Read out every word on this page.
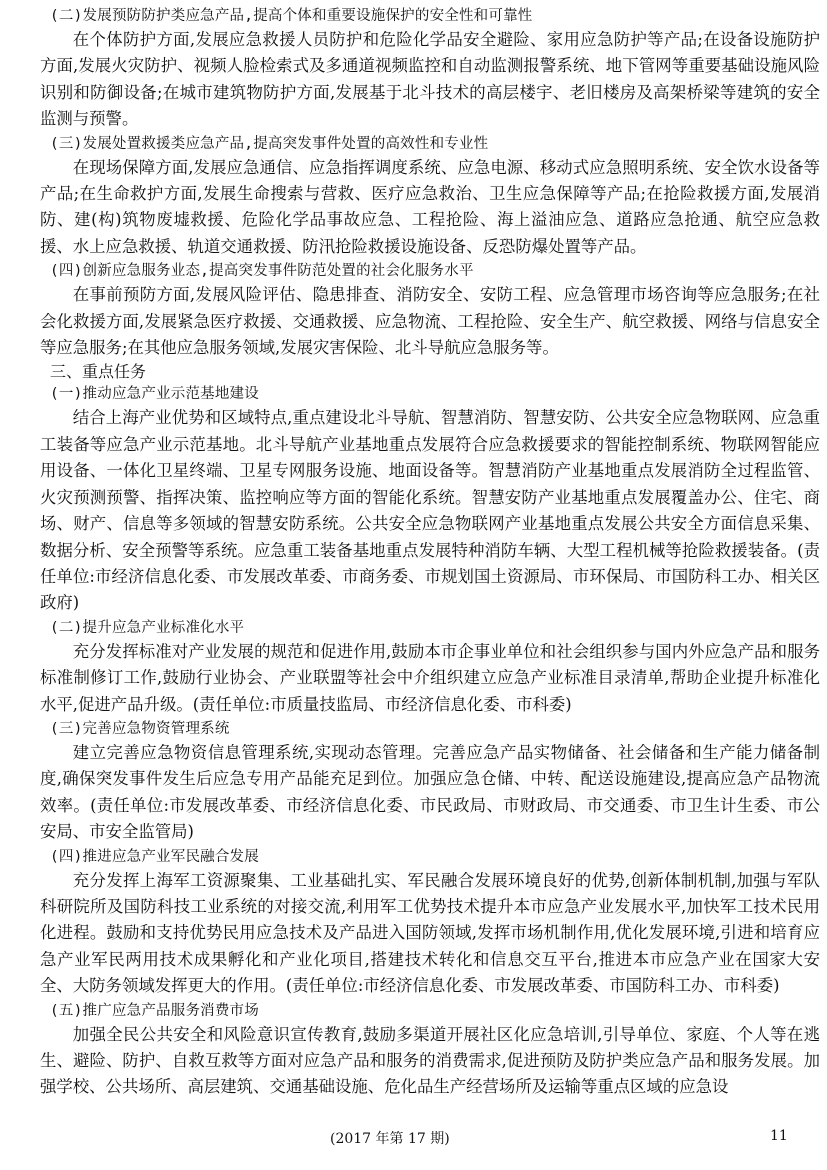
(二)发展预防防护类应急产品,提高个体和重要设施保护的安全性和可靠性

在个体防护方面,发展应急救援人员防护和危险化学品安全避险、家用应急防护等产品;在设备设施防护方面,发展火灾防护、视频人脸检索式及多通道视频监控和自动监测报警系统、地下管网等重要基础设施风险识别和防御设备;在城市建筑物防护方面,发展基于北斗技术的高层楼宇、老旧楼房及高架桥梁等建筑的安全监测与预警。

(三)发展处置救援类应急产品,提高突发事件处置的高效性和专业性

在现场保障方面,发展应急通信、应急指挥调度系统、应急电源、移动式应急照明系统、安全饮水设备等产品;在生命救护方面,发展生命搜索与营救、医疗应急救治、卫生应急保障等产品;在抢险救援方面,发展消防、建(构)筑物废墟救援、危险化学品事故应急、工程抢险、海上溢油应急、道路应急抢通、航空应急救援、水上应急救援、轨道交通救援、防汛抢险救援设施设备、反恐防爆处置等产品。

(四)创新应急服务业态,提高突发事件防范处置的社会化服务水平

在事前预防方面,发展风险评估、隐患排查、消防安全、安防工程、应急管理市场咨询等应急服务;在社会化救援方面,发展紧急医疗救援、交通救援、应急物流、工程抢险、安全生产、航空救援、网络与信息安全等应急服务;在其他应急服务领域,发展灾害保险、北斗导航应急服务等。

三、重点任务
(一)推动应急产业示范基地建设

结合上海产业优势和区域特点,重点建设北斗导航、智慧消防、智慧安防、公共安全应急物联网、应急重工装备等应急产业示范基地。北斗导航产业基地重点发展符合应急救援要求的智能控制系统、物联网智能应用设备、一体化卫星终端、卫星专网服务设施、地面设备等。智慧消防产业基地重点发展消防全过程监管、火灾预测预警、指挥决策、监控响应等方面的智能化系统。智慧安防产业基地重点发展覆盖办公、住宅、商场、财产、信息等多领域的智慧安防系统。公共安全应急物联网产业基地重点发展公共安全方面信息采集、数据分析、安全预警等系统。应急重工装备基地重点发展特种消防车辆、大型工程机械等抢险救援装备。(责任单位:市经济信息化委、市发展改革委、市商务委、市规划国土资源局、市环保局、市国防科工办、相关区政府)

(二)提升应急产业标准化水平

充分发挥标准对产业发展的规范和促进作用,鼓励本市企事业单位和社会组织参与国内外应急产品和服务标准制修订工作,鼓励行业协会、产业联盟等社会中介组织建立应急产业标准目录清单,帮助企业提升标准化水平,促进产品升级。(责任单位:市质量技监局、市经济信息化委、市科委)

(三)完善应急物资管理系统

建立完善应急物资信息管理系统,实现动态管理。完善应急产品实物储备、社会储备和生产能力储备制度,确保突发事件发生后应急专用产品能充足到位。加强应急仓储、中转、配送设施建设,提高应急产品物流效率。(责任单位:市发展改革委、市经济信息化委、市民政局、市财政局、市交通委、市卫生计生委、市公安局、市安全监管局)

(四)推进应急产业军民融合发展

充分发挥上海军工资源聚集、工业基础扎实、军民融合发展环境良好的优势,创新体制机制,加强与军队科研院所及国防科技工业系统的对接交流,利用军工优势技术提升本市应急产业发展水平,加快军工技术民用化进程。鼓励和支持优势民用应急技术及产品进入国防领域,发挥市场机制作用,优化发展环境,引进和培育应急产业军民两用技术成果孵化和产业化项目,搭建技术转化和信息交互平台,推进本市应急产业在国家大安全、大防务领域发挥更大的作用。(责任单位:市经济信息化委、市发展改革委、市国防科工办、市科委)

(五)推广应急产品服务消费市场

加强全民公共安全和风险意识宣传教育,鼓励多渠道开展社区化应急培训,引导单位、家庭、个人等在逃生、避险、防护、自救互救等方面对应急产品和服务的消费需求,促进预防及防护类应急产品和服务发展。加强学校、公共场所、高层建筑、交通基础设施、危化品生产经营场所及运输等重点区域的应急设

(2017 年第 17 期)	11
